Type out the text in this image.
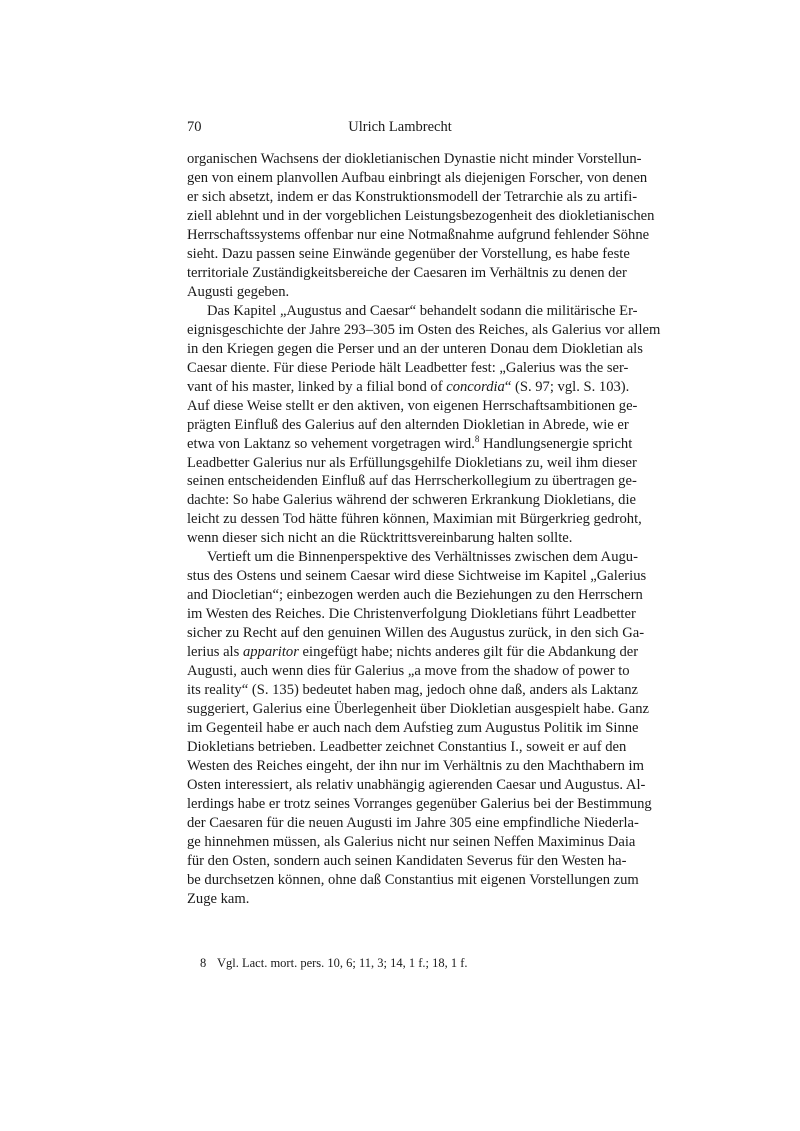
70	Ulrich Lambrecht
organischen Wachsens der diokletianischen Dynastie nicht minder Vorstellun-
gen von einem planvollen Aufbau einbringt als diejenigen Forscher, von denen
er sich absetzt, indem er das Konstruktionsmodell der Tetrarchie als zu artifi-
ziell ablehnt und in der vorgeblichen Leistungsbezogenheit des diokletianischen
Herrschaftssystems offenbar nur eine Notmaßnahme aufgrund fehlender Söhne
sieht. Dazu passen seine Einwände gegenüber der Vorstellung, es habe feste
territoriale Zuständigkeitsbereiche der Caesaren im Verhältnis zu denen der
Augusti gegeben.
Das Kapitel „Augustus and Caesar“ behandelt sodann die militärische Er-
eignisgeschichte der Jahre 293–305 im Osten des Reiches, als Galerius vor allem
in den Kriegen gegen die Perser und an der unteren Donau dem Diokletian als
Caesar diente. Für diese Periode hält Leadbetter fest: „Galerius was the ser-
vant of his master, linked by a filial bond of concordia“ (S. 97; vgl. S. 103).
Auf diese Weise stellt er den aktiven, von eigenen Herrschaftsambitionen ge-
prägten Einfluß des Galerius auf den alternden Diokletian in Abrede, wie er
etwa von Laktanz so vehement vorgetragen wird.$^8$ Handlungsenergie spricht
Leadbetter Galerius nur als Erfüllungsgehilfe Diokletians zu, weil ihm dieser
seinen entscheidenden Einfluß auf das Herrscherkollegium zu übertragen ge-
dachte: So habe Galerius während der schweren Erkrankung Diokletians, die
leicht zu dessen Tod hätte führen können, Maximian mit Bürgerkrieg gedroht,
wenn dieser sich nicht an die Rücktrittsvereinbarung halten sollte.
Vertieft um die Binnenperspektive des Verhältnisses zwischen dem Augu-
stus des Ostens und seinem Caesar wird diese Sichtweise im Kapitel „Galerius
and Diocletian“; einbezogen werden auch die Beziehungen zu den Herrschern
im Westen des Reiches. Die Christenverfolgung Diokletians führt Leadbetter
sicher zu Recht auf den genuinen Willen des Augustus zurück, in den sich Ga-
lerius als apparitor eingefügt habe; nichts anderes gilt für die Abdankung der
Augusti, auch wenn dies für Galerius „a move from the shadow of power to
its reality“ (S. 135) bedeutet haben mag, jedoch ohne daß, anders als Laktanz
suggeriert, Galerius eine Überlegenheit über Diokletian ausgespielt habe. Ganz
im Gegenteil habe er auch nach dem Aufstieg zum Augustus Politik im Sinne
Diokletians betrieben. Leadbetter zeichnet Constantius I., soweit er auf den
Westen des Reiches eingeht, der ihn nur im Verhältnis zu den Machthabern im
Osten interessiert, als relativ unabhängig agierenden Caesar und Augustus. Al-
lerdings habe er trotz seines Vorranges gegenüber Galerius bei der Bestimmung
der Caesaren für die neuen Augusti im Jahre 305 eine empfindliche Niederla-
ge hinnehmen müssen, als Galerius nicht nur seinen Neffen Maximinus Daia
für den Osten, sondern auch seinen Kandidaten Severus für den Westen ha-
be durchsetzen können, ohne daß Constantius mit eigenen Vorstellungen zum
Zuge kam.
8 Vgl. Lact. mort. pers. 10, 6; 11, 3; 14, 1 f.; 18, 1 f.
